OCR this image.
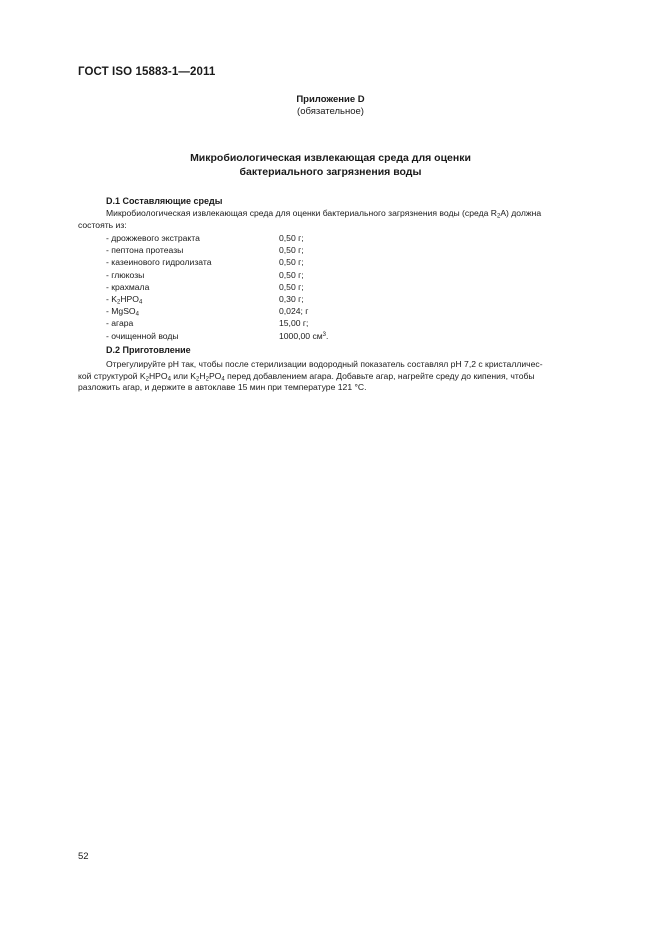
ГОСТ ISO 15883-1—2011
Приложение D
(обязательное)
Микробиологическая извлекающая среда для оценки
бактериального загрязнения воды
D.1 Составляющие среды
Микробиологическая извлекающая среда для оценки бактериального загрязнения воды (среда $R_2A$) должна
состоять из:
- дрожжевого экстракта	0,50 г;
- пептона протеазы	0,50 г;
- казеинового гидролизата	0,50 г;
- глюкозы	0,50 г;
- крахмала	0,50 г;
- $K_2HPO_4$	0,30 г;
- MgSO$_4$	0,024; г
- агара	15,00 г;
- очищенной воды	1000,00 $см^3$.
D.2 Приготовление
Отрегулируйте pH так, чтобы после стерилизации водородный показатель составлял pH 7,2 с кристалличес-
кой структурой $K_2HPO_4$ или $K_2H_2PO_4$ перед добавлением агара. Добавьте агар, нагрейте среду до кипения, чтобы
разложить агар, и держите в автоклаве 15 мин при температуре 121 °С.
52
